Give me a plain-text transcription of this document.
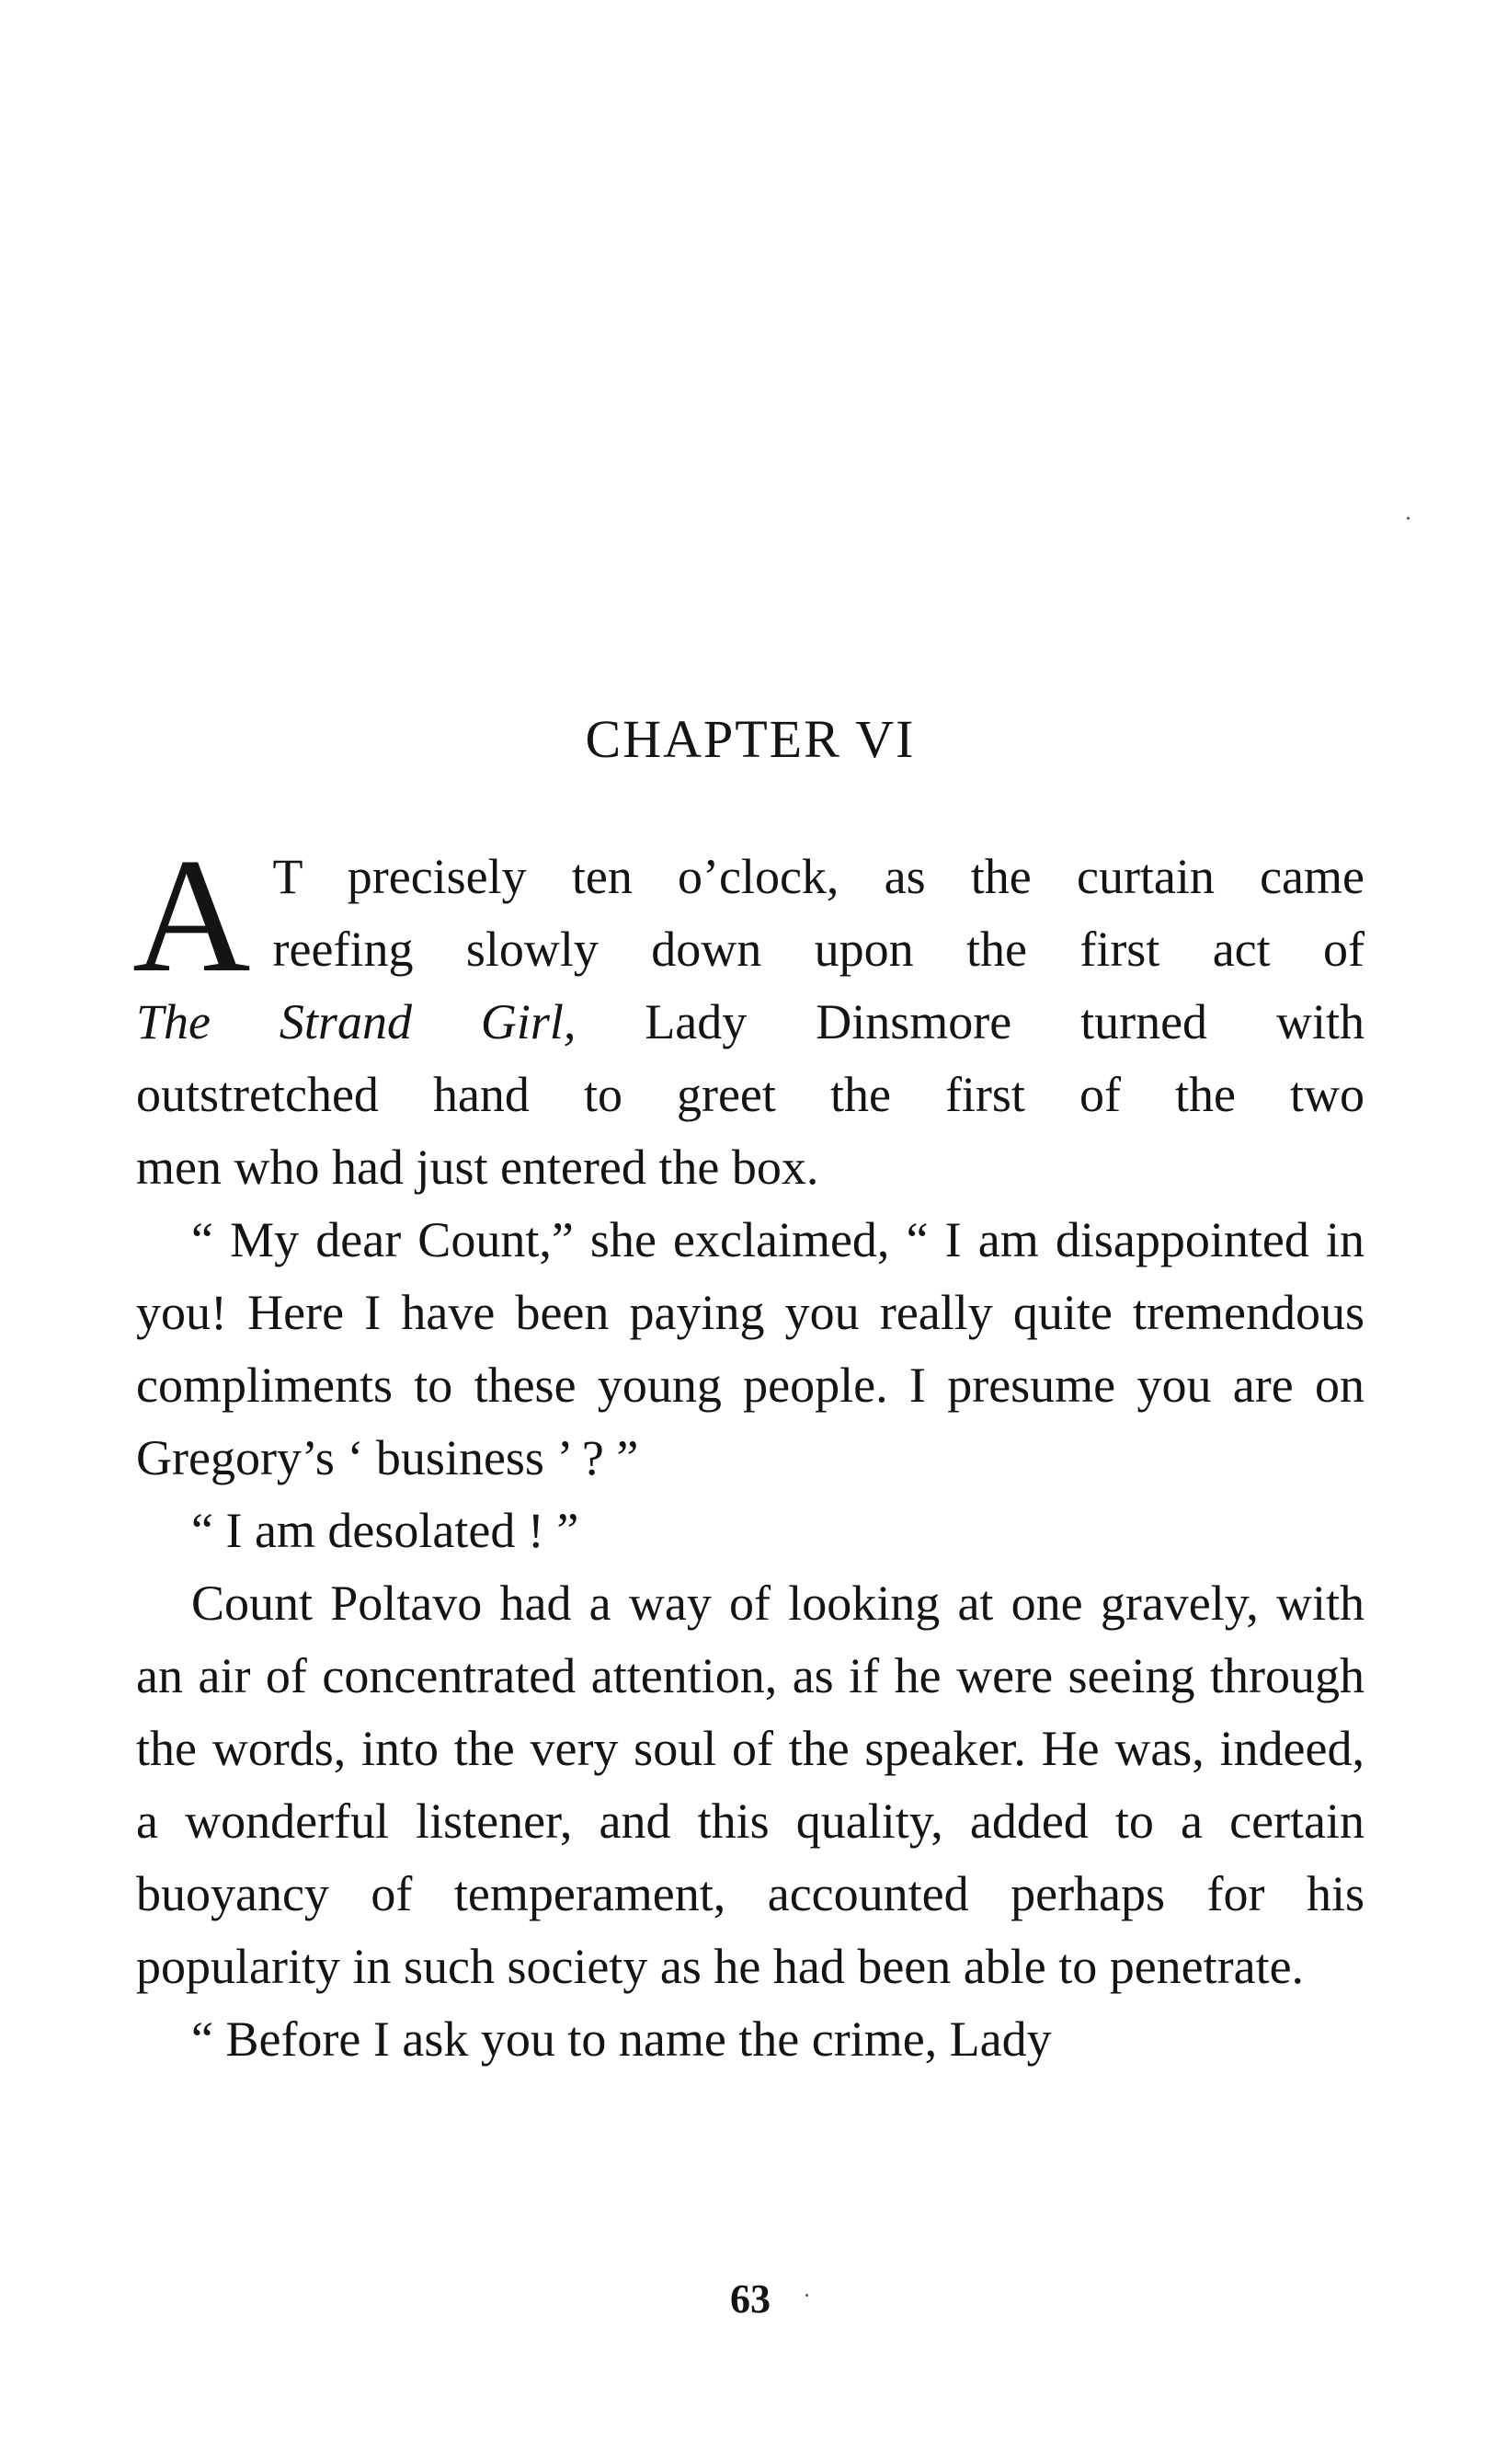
CHAPTER VI
A T precisely ten o’clock, as the curtain came
reefing slowly down upon the first act of
The Strand Girl, Lady Dinsmore turned with
outstretched hand to greet the first of the two
men who had just entered the box.

“ My dear Count,” she exclaimed, “ I am disappointed in you! Here I have been paying you really quite tremendous compliments to these young people. I presume you are on Gregory’s ‘ business ’ ? ”

“ I am desolated ! ”

Count Poltavo had a way of looking at one gravely, with an air of concentrated attention, as if he were seeing through the words, into the very soul of the speaker. He was, indeed, a wonderful listener, and this quality, added to a certain buoyancy of temperament, accounted perhaps for his popularity in such society as he had been able to penetrate.

“ Before I ask you to name the crime, Lady

63
